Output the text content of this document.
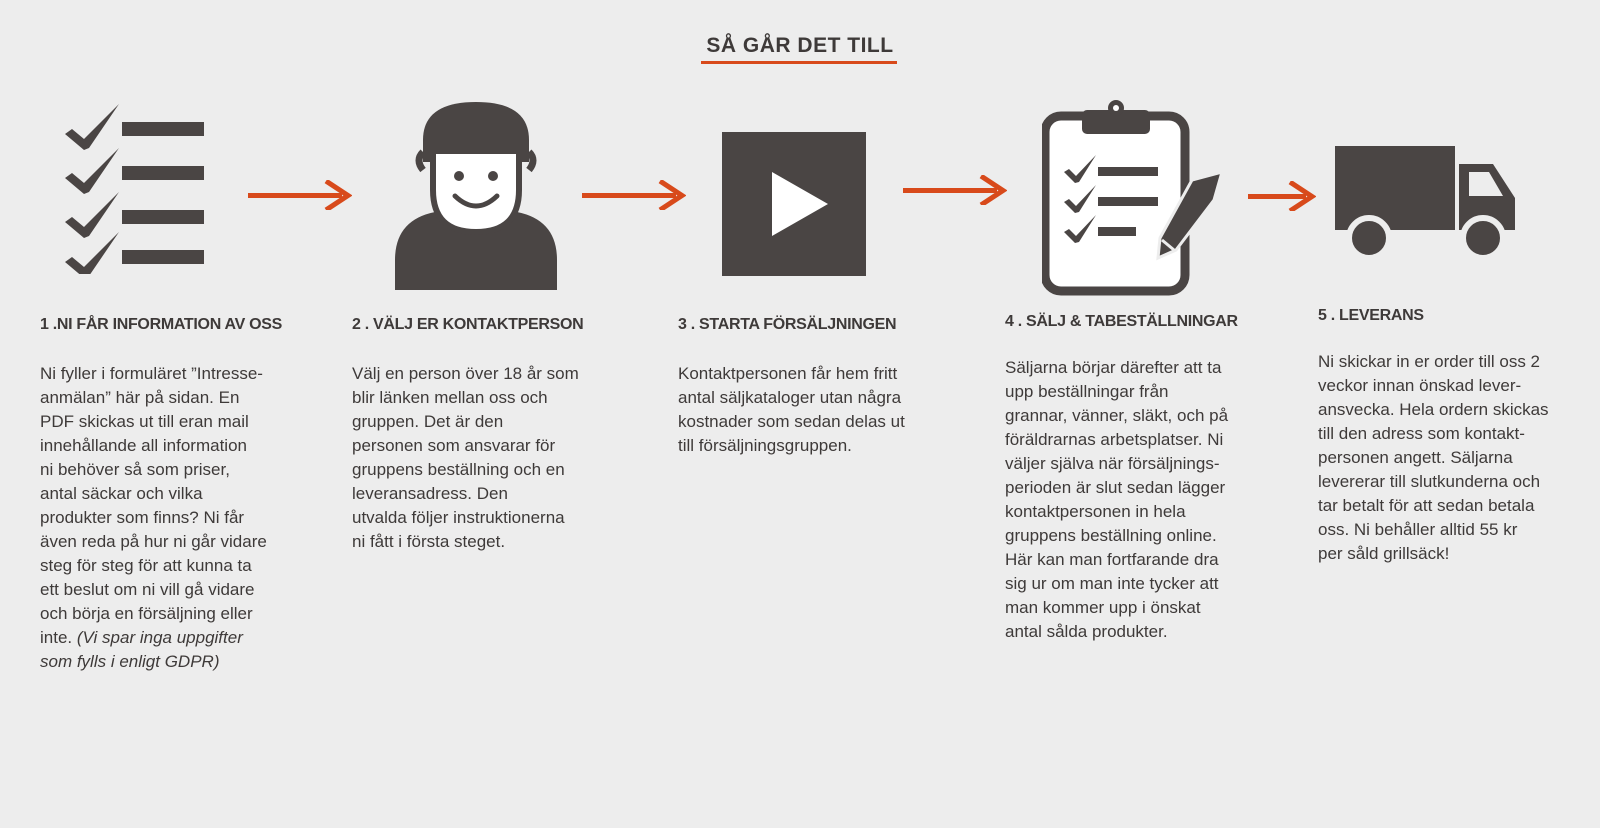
SÅ GÅR DET TILL
1 .NI FÅR INFORMATION AV OSS	2 . VÄLJ ER KONTAKTPERSON	3 . STARTA FÖRSÄLJNINGEN	4 . SÄLJ & TABESTÄLLNINGAR	5 . LEVERANS
Ni fyller i formuläret ”Intresse-
anmälan” här på sidan. En
PDF skickas ut till eran mail
innehållande all information
ni behöver så som priser,
antal säckar och vilka
produkter som finns? Ni får
även reda på hur ni går vidare
steg för steg för att kunna ta
ett beslut om ni vill gå vidare
och börja en försäljning eller
inte. (Vi spar inga uppgifter
som fylls i enligt GDPR)
Välj en person över 18 år som
blir länken mellan oss och
gruppen. Det är den
personen som ansvarar för
gruppens beställning och en
leveransadress. Den
utvalda följer instruktionerna
ni fått i första steget.
Kontaktpersonen får hem fritt
antal säljkataloger utan några
kostnader som sedan delas ut
till försäljningsgruppen.
Säljarna börjar därefter att ta
upp beställningar från
grannar, vänner, släkt, och på
föräldrarnas arbetsplatser. Ni
väljer själva när försäljnings-
perioden är slut sedan lägger
kontaktpersonen in hela
gruppens beställning online.
Här kan man fortfarande dra
sig ur om man inte tycker att
man kommer upp i önskat
antal sålda produkter.
Ni skickar in er order till oss 2
veckor innan önskad lever-
ansvecka. Hela ordern skickas
till den adress som kontakt-
personen angett. Säljarna
levererar till slutkunderna och
tar betalt för att sedan betala
oss. Ni behåller alltid 55 kr
per såld grillsäck!
